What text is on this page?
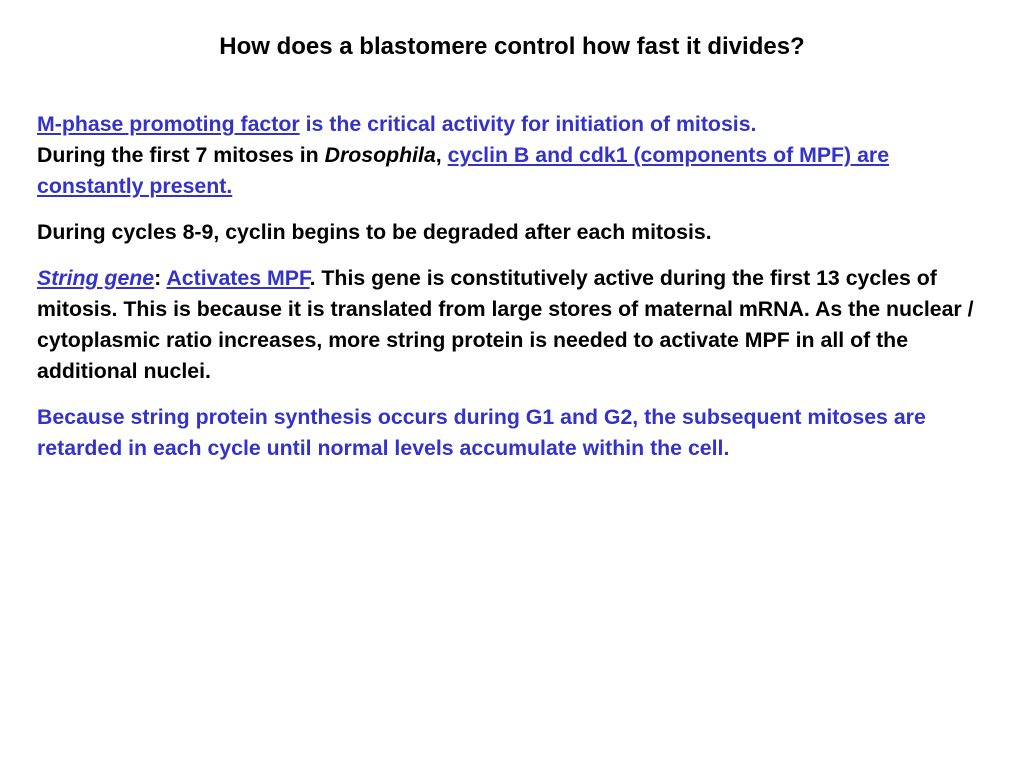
How does a blastomere control how fast it divides?

M-phase promoting factor is the critical activity for initiation of mitosis.
During the first 7 mitoses in Drosophila, cyclin B and cdk1 (components of MPF) are constantly present.

During cycles 8-9, cyclin begins to be degraded after each mitosis.

String gene: Activates MPF. This gene is constitutively active during the first 13 cycles of mitosis. This is because it is translated from large stores of maternal mRNA. As the nuclear / cytoplasmic ratio increases, more string protein is needed to activate MPF in all of the additional nuclei.

Because string protein synthesis occurs during G1 and G2, the subsequent mitoses are retarded in each cycle until normal levels accumulate within the cell.
